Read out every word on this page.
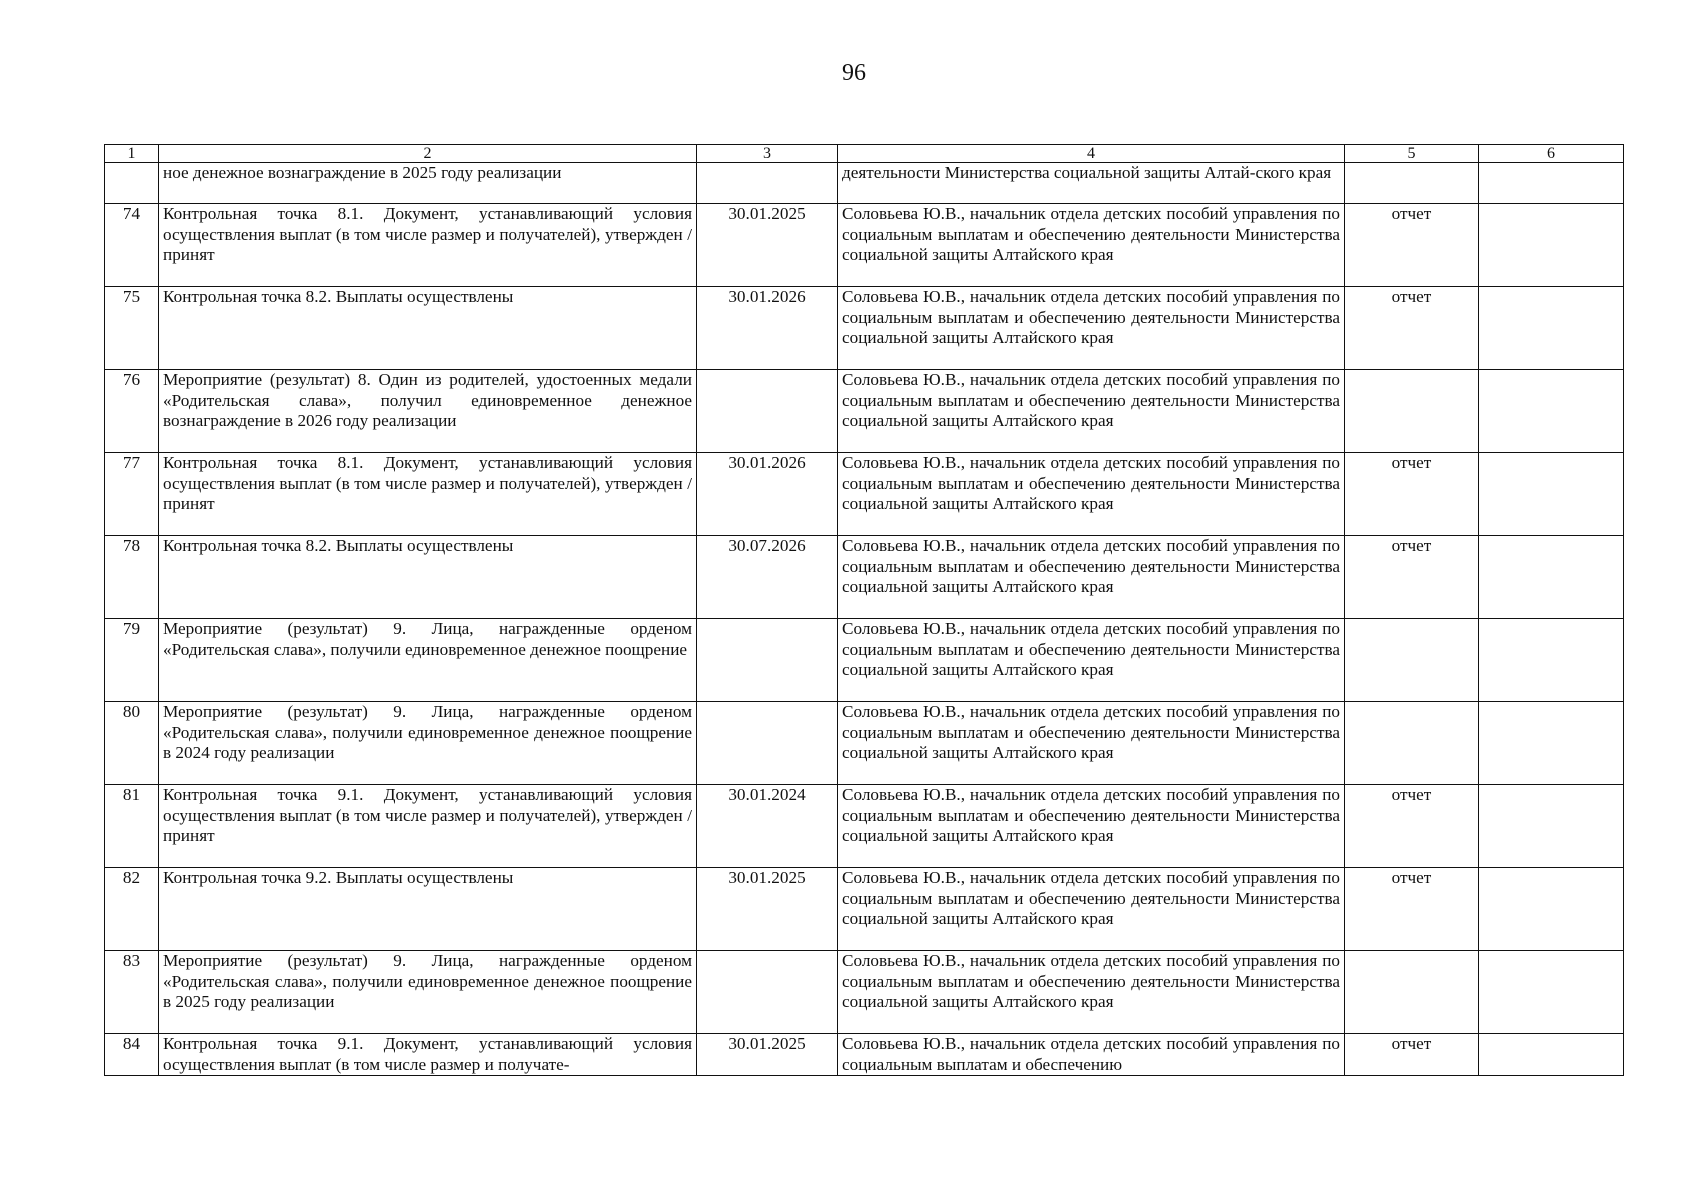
96
1	2	3	4	5	6
	ное денежное вознаграждение в 2025 году реализации		деятельности Министерства социальной защиты Алтай-ского края		
74	Контрольная точка 8.1. Документ, устанавливающий условия осуществления выплат (в том числе размер и получателей), утвержден / принят	30.01.2025	Соловьева Ю.В., начальник отдела детских пособий управления по социальным выплатам и обеспечению деятельности Министерства социальной защиты Алтайского края	отчет	
75	Контрольная точка 8.2. Выплаты осуществлены	30.01.2026	Соловьева Ю.В., начальник отдела детских пособий управления по социальным выплатам и обеспечению деятельности Министерства социальной защиты Алтайского края	отчет	
76	Мероприятие (результат) 8. Один из родителей, удостоенных медали «Родительская слава», получил единовременное денежное вознаграждение в 2026 году реализации		Соловьева Ю.В., начальник отдела детских пособий управления по социальным выплатам и обеспечению деятельности Министерства социальной защиты Алтайского края		
77	Контрольная точка 8.1. Документ, устанавливающий условия осуществления выплат (в том числе размер и получателей), утвержден / принят	30.01.2026	Соловьева Ю.В., начальник отдела детских пособий управления по социальным выплатам и обеспечению деятельности Министерства социальной защиты Алтайского края	отчет	
78	Контрольная точка 8.2. Выплаты осуществлены	30.07.2026	Соловьева Ю.В., начальник отдела детских пособий управления по социальным выплатам и обеспечению деятельности Министерства социальной защиты Алтайского края	отчет	
79	Мероприятие (результат) 9. Лица, награжденные орденом «Родительская слава», получили единовременное денежное поощрение		Соловьева Ю.В., начальник отдела детских пособий управления по социальным выплатам и обеспечению деятельности Министерства социальной защиты Алтайского края		
80	Мероприятие (результат) 9. Лица, награжденные орденом «Родительская слава», получили единовременное денежное поощрение в 2024 году реализации		Соловьева Ю.В., начальник отдела детских пособий управления по социальным выплатам и обеспечению деятельности Министерства социальной защиты Алтайского края		
81	Контрольная точка 9.1. Документ, устанавливающий условия осуществления выплат (в том числе размер и получателей), утвержден / принят	30.01.2024	Соловьева Ю.В., начальник отдела детских пособий управления по социальным выплатам и обеспечению деятельности Министерства социальной защиты Алтайского края	отчет	
82	Контрольная точка 9.2. Выплаты осуществлены	30.01.2025	Соловьева Ю.В., начальник отдела детских пособий управления по социальным выплатам и обеспечению деятельности Министерства социальной защиты Алтайского края	отчет	
83	Мероприятие (результат) 9. Лица, награжденные орденом «Родительская слава», получили единовременное денежное поощрение в 2025 году реализации		Соловьева Ю.В., начальник отдела детских пособий управления по социальным выплатам и обеспечению деятельности Министерства социальной защиты Алтайского края		
84	Контрольная точка 9.1. Документ, устанавливающий условия осуществления выплат (в том числе размер и получате-	30.01.2025	Соловьева Ю.В., начальник отдела детских пособий управления по социальным выплатам и обеспечению	отчет	
